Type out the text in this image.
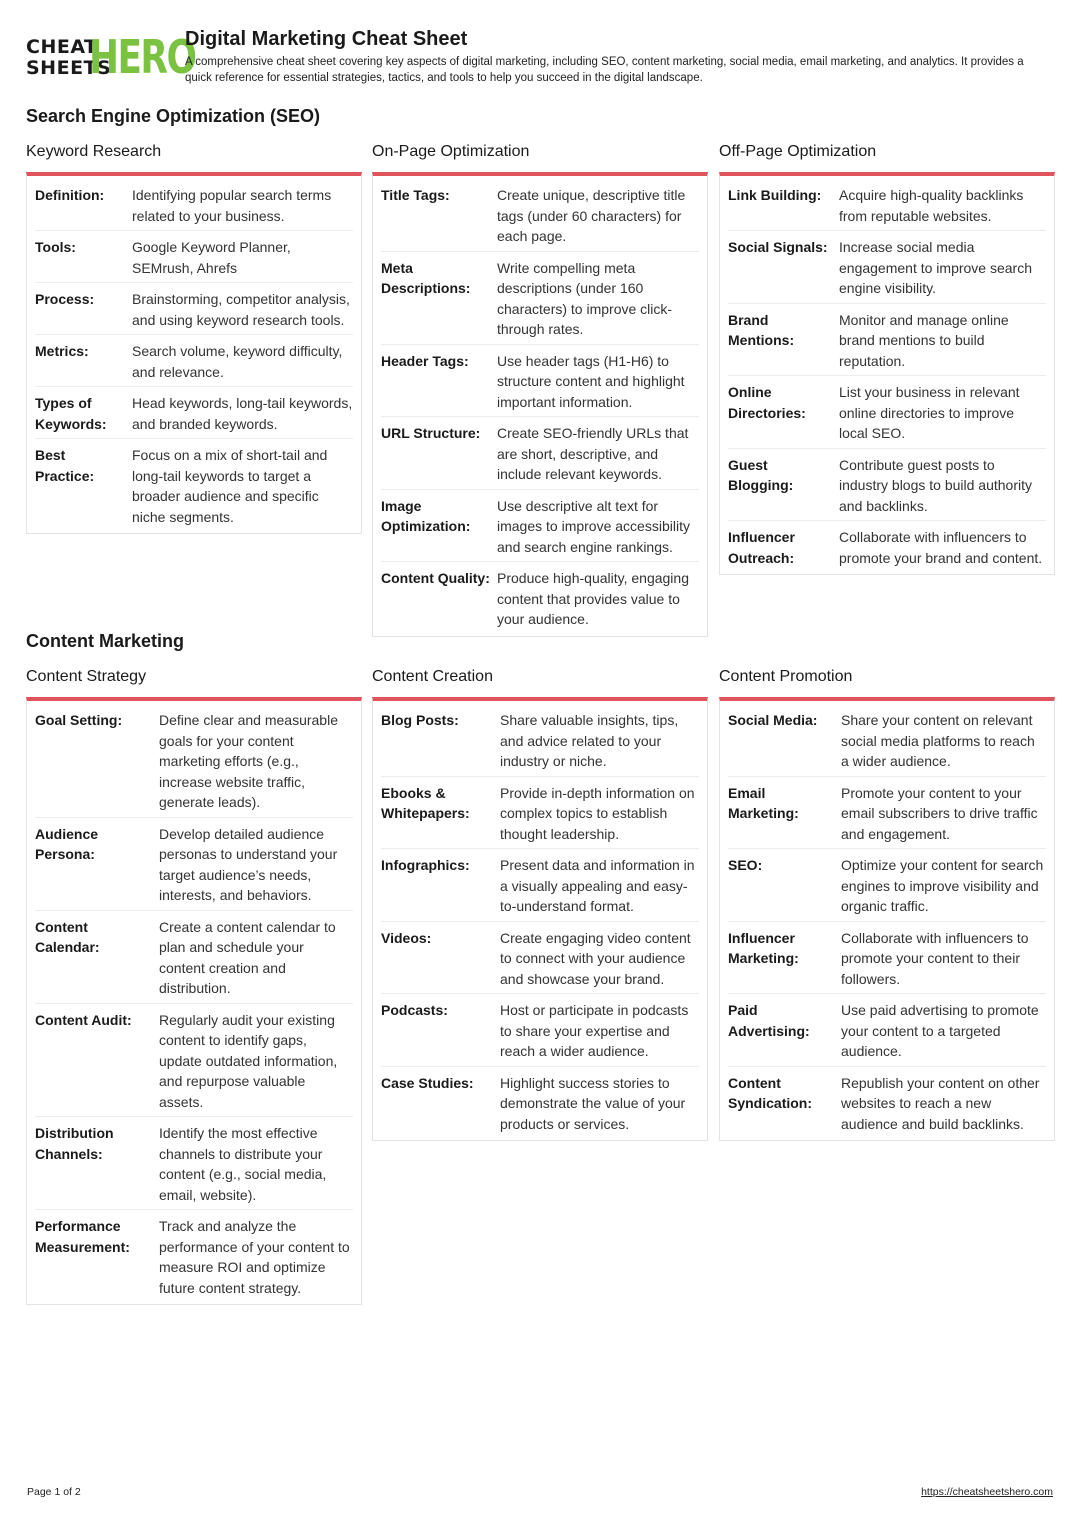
CHEAT
SHEETS
HERO
Digital Marketing Cheat Sheet
A comprehensive cheat sheet covering key aspects of digital marketing, including SEO, content marketing, social media, email marketing, and analytics. It provides a quick reference for essential strategies, tactics, and tools to help you succeed in the digital landscape.
Search Engine Optimization (SEO)
Keyword Research
Definition:	Identifying popular search terms related to your business.
Tools:	Google Keyword Planner, SEMrush, Ahrefs
Process:	Brainstorming, competitor analysis, and using keyword research tools.
Metrics:	Search volume, keyword difficulty, and relevance.
Types of Keywords:
Head keywords, long-tail keywords, and branded keywords.
Best Practice:
Focus on a mix of short-tail and long-tail keywords to target a broader audience and specific niche segments.
On-Page Optimization
Title Tags:	Create unique, descriptive title tags (under 60 characters) for each page.
Meta Descriptions:
Write compelling meta descriptions (under 160 characters) to improve click-through rates.
Header Tags:	Use header tags (H1-H6) to structure content and highlight important information.
URL Structure:	Create SEO-friendly URLs that are short, descriptive, and include relevant keywords.
Image Optimization:
Use descriptive alt text for images to improve accessibility and search engine rankings.
Content Quality: Produce high-quality, engaging content that provides value to your audience.
Off-Page Optimization
Link Building:	Acquire high-quality backlinks from reputable websites.
Social Signals: Increase social media engagement to improve search engine visibility.
Brand Mentions:
Monitor and manage online brand mentions to build reputation.
Online Directories:
List your business in relevant online directories to improve local SEO.
Guest Blogging:
Contribute guest posts to industry blogs to build authority and backlinks.
Influencer Outreach:
Collaborate with influencers to promote your brand and content.
Content Marketing
Content Strategy
Goal Setting:	Define clear and measurable goals for your content marketing efforts (e.g., increase website traffic, generate leads).
Audience Persona:
Develop detailed audience personas to understand your target audience’s needs, interests, and behaviors.
Content Calendar:
Create a content calendar to plan and schedule your content creation and distribution.
Content Audit:	Regularly audit your existing content to identify gaps, update outdated information, and repurpose valuable assets.
Distribution Channels:
Identify the most effective channels to distribute your content (e.g., social media, email, website).
Performance Measurement:
Track and analyze the performance of your content to measure ROI and optimize future content strategy.
Content Creation
Blog Posts:	Share valuable insights, tips, and advice related to your industry or niche.
Ebooks & Whitepapers:
Provide in-depth information on complex topics to establish thought leadership.
Infographics:	Present data and information in a visually appealing and easy-to-understand format.
Videos:	Create engaging video content to connect with your audience and showcase your brand.
Podcasts:	Host or participate in podcasts to share your expertise and reach a wider audience.
Case Studies:	Highlight success stories to demonstrate the value of your products or services.
Content Promotion
Social Media:	Share your content on relevant social media platforms to reach a wider audience.
Email Marketing:
Promote your content to your email subscribers to drive traffic and engagement.
SEO:	Optimize your content for search engines to improve visibility and organic traffic.
Influencer Marketing:
Collaborate with influencers to promote your content to their followers.
Paid Advertising:
Use paid advertising to promote your content to a targeted audience.
Content Syndication:
Republish your content on other websites to reach a new audience and build backlinks.
Page 1 of 2	https://cheatsheetshero.com
